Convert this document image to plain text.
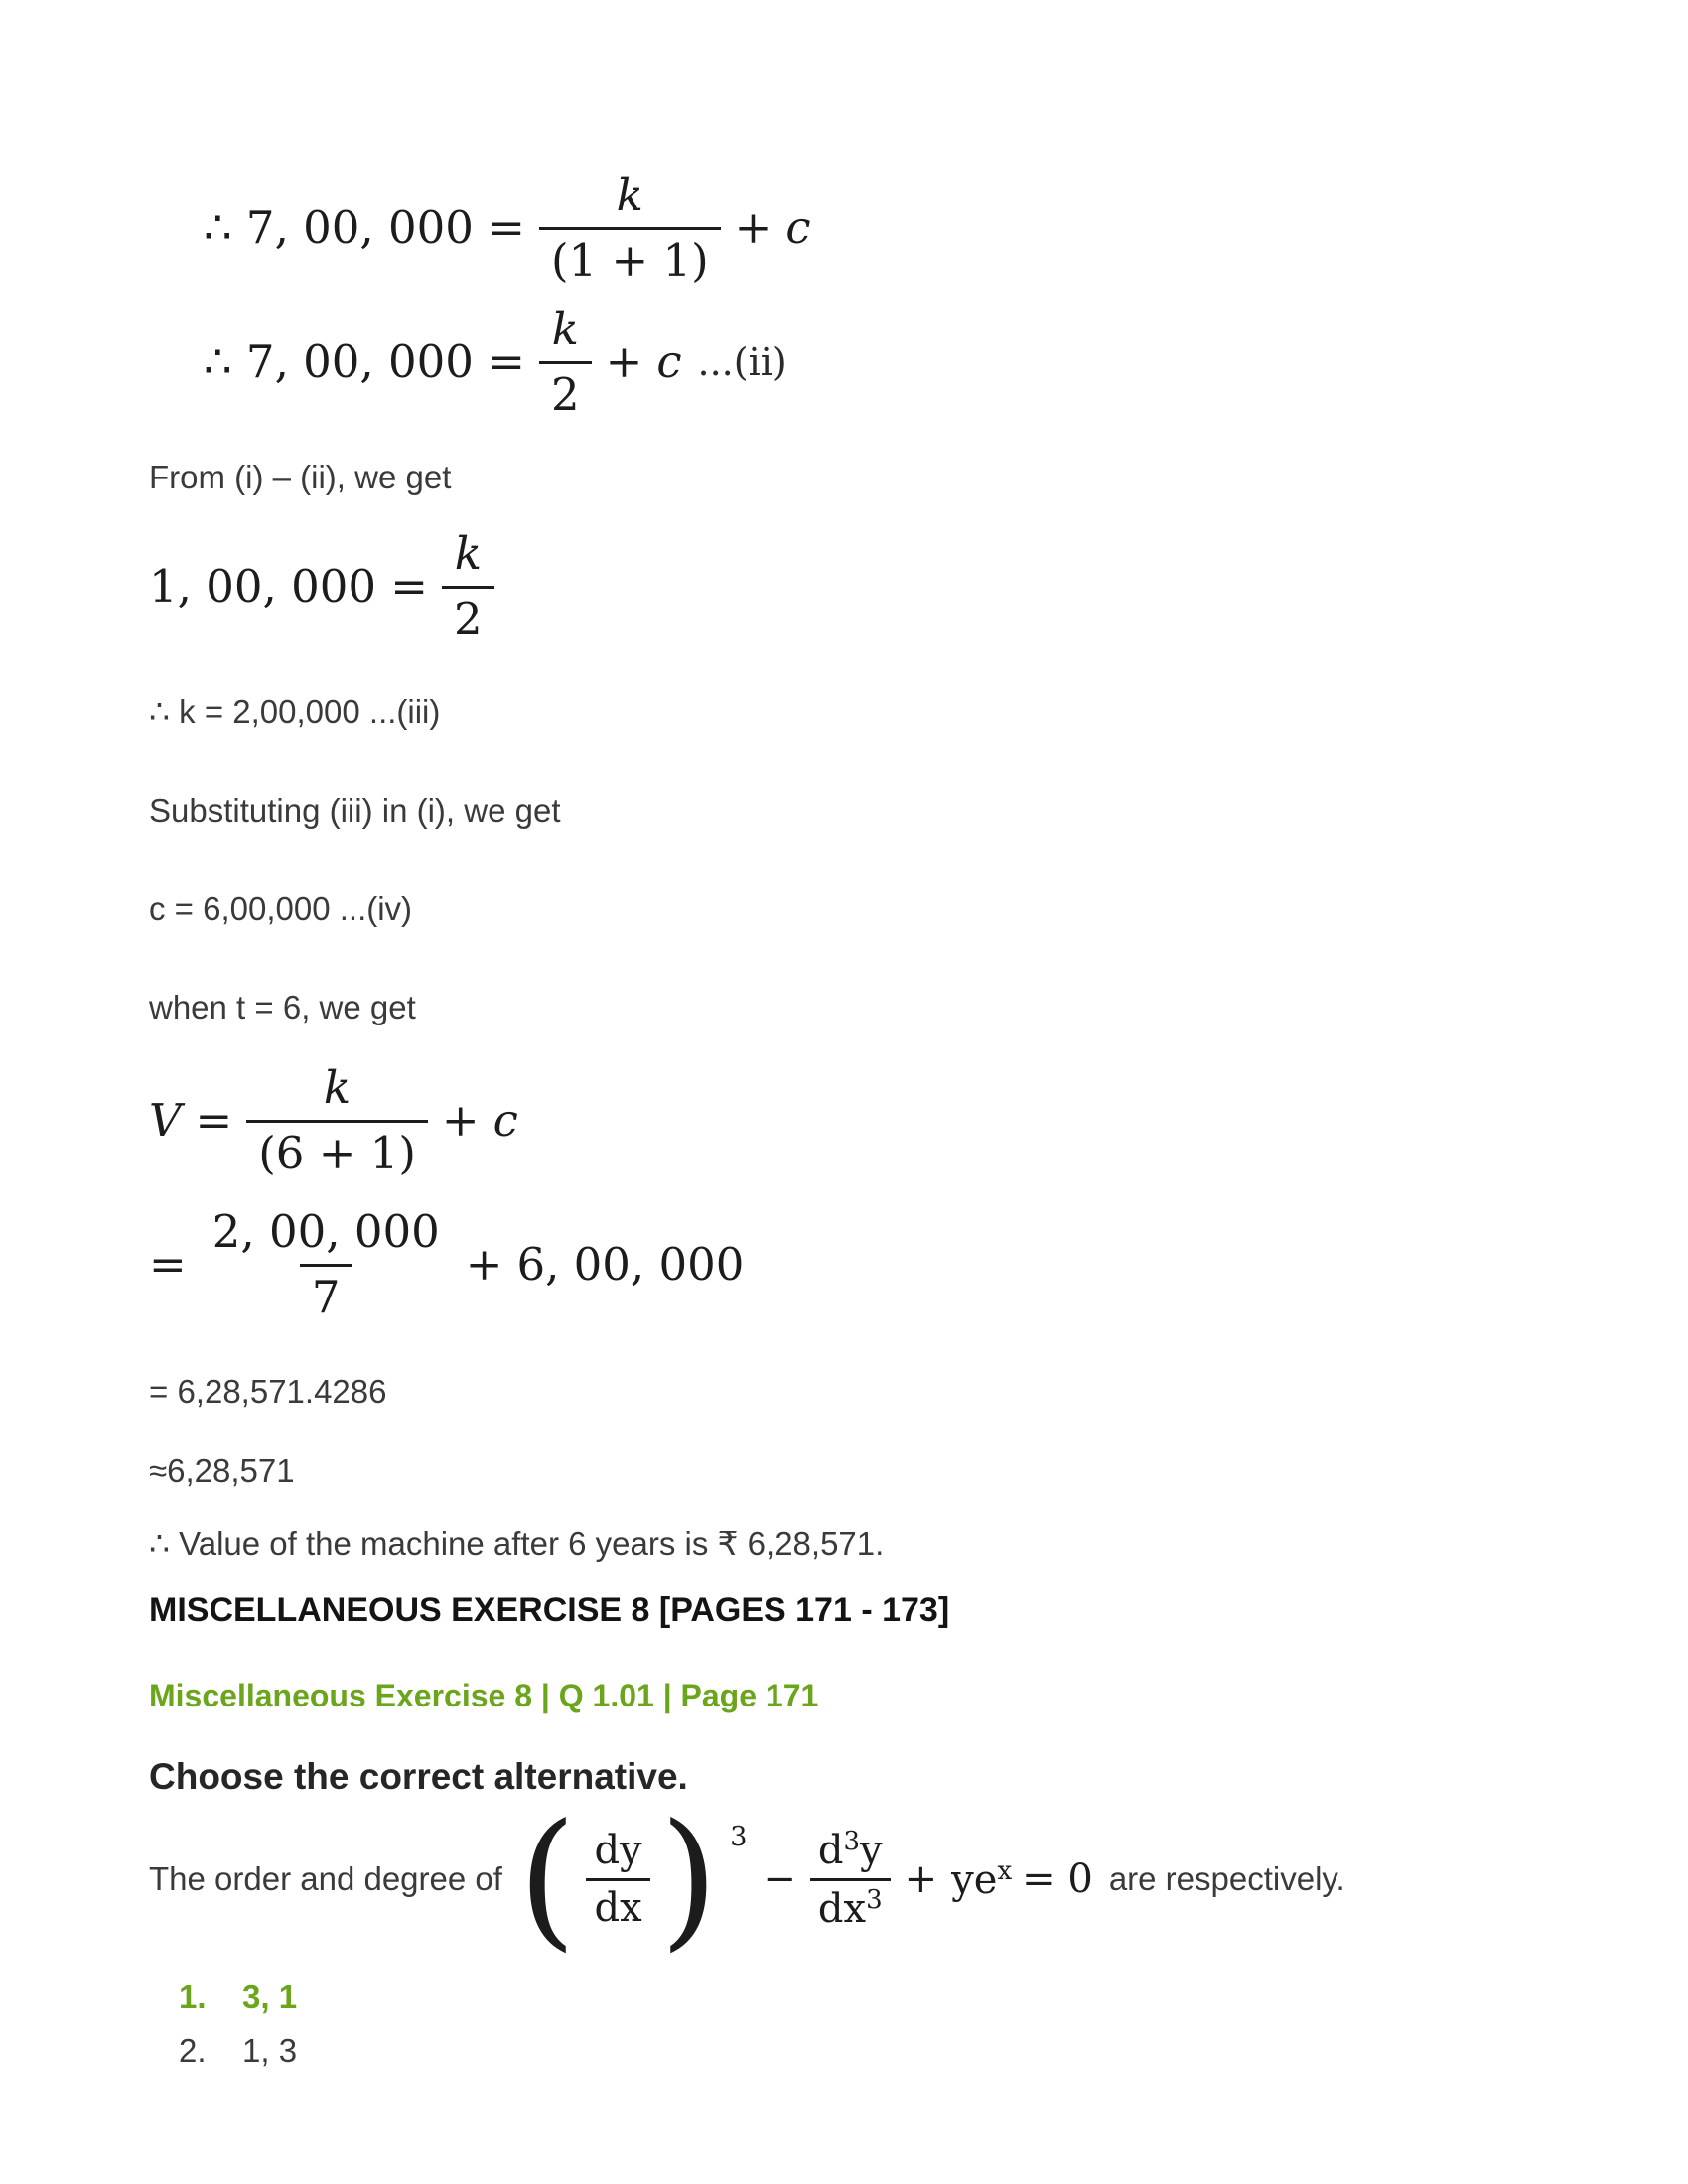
∴ 7, 00, $000 = \frac{k}{(1 + 1)} + c$
∴ 7, 00, $000 = \frac{k}{2} + c$ ...(ii)
From (i) – (ii), we get
1, 00, $000 = \frac{k}{2}$
∴ k = 2,00,000 ...(iii)
Substituting (iii) in (i), we get
c = 6,00,000 ...(iv)
when t = 6, we get
$V = \frac{k}{(6 + 1)} + c$
= $\frac{2, 00, 000}{7} + 6$, 00, 000
= 6,28,571.4286
≈6,28,571
∴ Value of the machine after 6 years is ₹ 6,28,571.
MISCELLANEOUS EXERCISE 8 [PAGES 171 - 173]
Miscellaneous Exercise 8 | Q 1.01 | Page 171
Choose the correct alternative.
The order and degree of ( $\frac{dy}{dx}$ ) 3
− $\frac{d^3y}{dx^3} + ye^x = 0$ are respectively.
1.	3, 1
2.	1, 3
